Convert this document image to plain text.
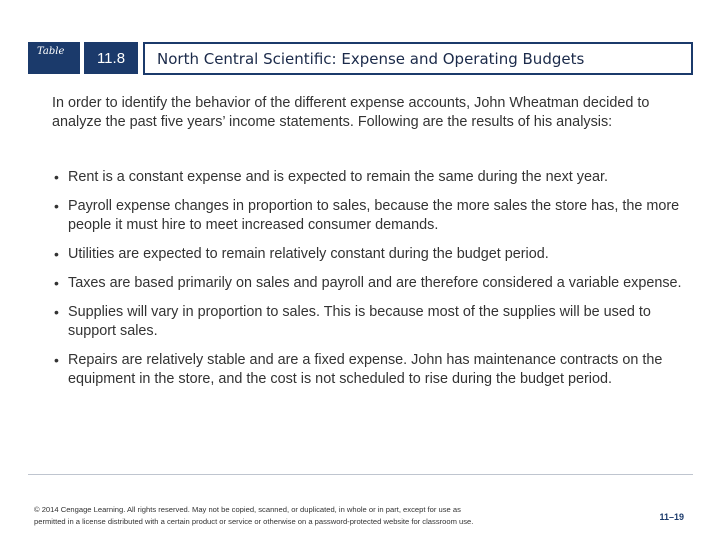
Table	11.8 North Central Scientific: Expense and Operating Budgets
In order to identify the behavior of the different expense accounts, John Wheatman decided to analyze the past five years’ income statements. Following are the results of his analysis:
• Rent is a constant expense and is expected to remain the same during the next year.
• Payroll expense changes in proportion to sales, because the more sales the store has, the more people it must hire to meet increased consumer demands.
• Utilities are expected to remain relatively constant during the budget period.
• Taxes are based primarily on sales and payroll and are therefore considered a variable expense.
• Supplies will vary in proportion to sales. This is because most of the supplies will be used to support sales.
• Repairs are relatively stable and are a fixed expense. John has maintenance contracts on the equipment in the store, and the cost is not scheduled to rise during the budget period.
© 2014 Cengage Learning. All rights reserved. May not be copied, scanned, or duplicated, in whole or in part, except for use as
permitted in a license distributed with a certain product or service or otherwise on a password-protected website for classroom use.	11–19
